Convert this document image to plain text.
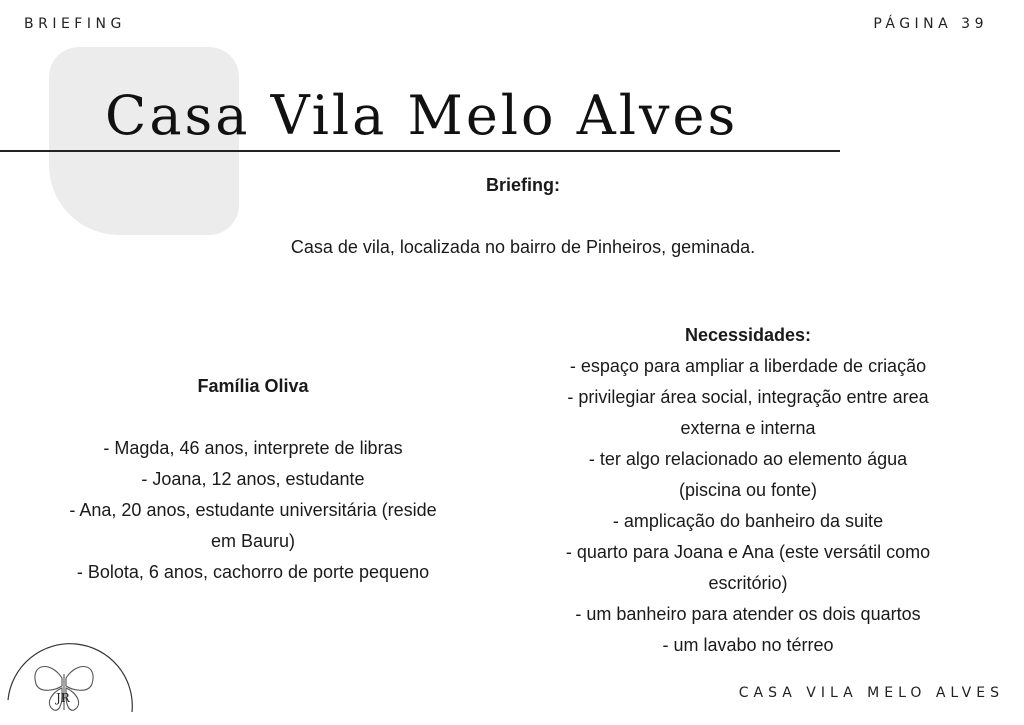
BRIEFING	PÁGINA 39
Casa Vila Melo Alves
Briefing:
Casa de vila, localizada no bairro de Pinheiros, geminada.
Família Oliva
- Magda, 46 anos, interprete de libras
- Joana, 12 anos, estudante
- Ana, 20 anos, estudante universitária (reside
em Bauru)
- Bolota, 6 anos, cachorro de porte pequeno
Necessidades:
- espaço para ampliar a liberdade de criação
- privilegiar área social, integração entre area
externa e interna
- ter algo relacionado ao elemento água
(piscina ou fonte)
- amplicação do banheiro da suite
- quarto para Joana e Ana (este versátil como
escritório)
- um banheiro para atender os dois quartos
- um lavabo no térreo
JR	CASA VILA MELO ALVES
